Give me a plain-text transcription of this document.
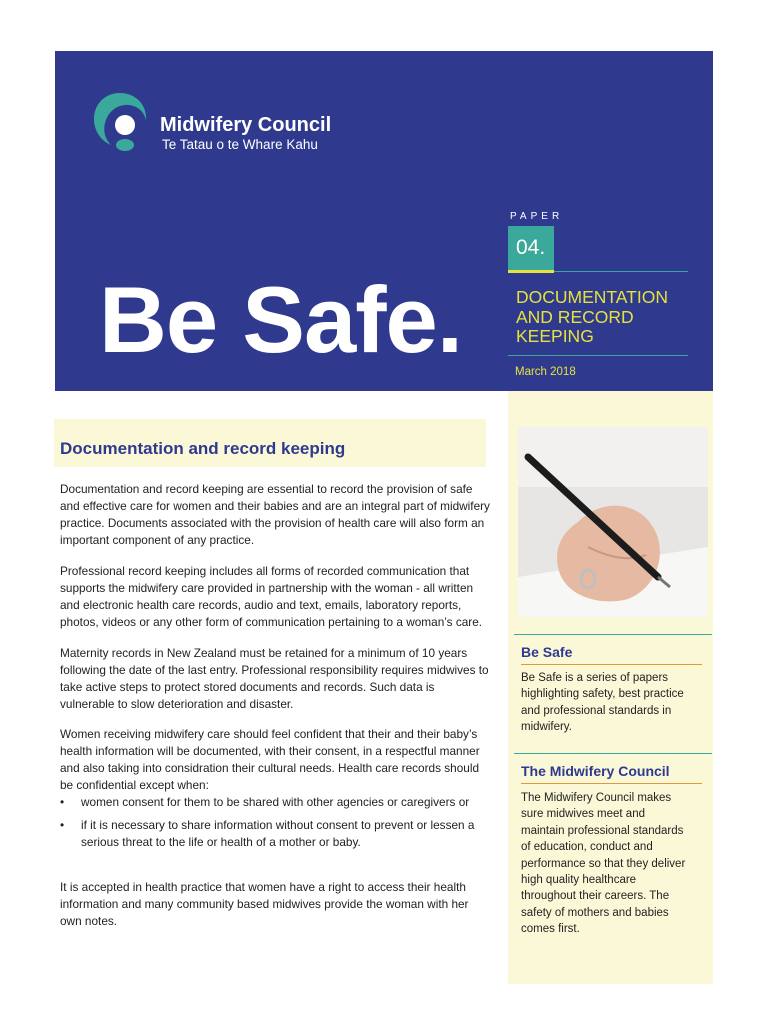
Midwifery Council
Te Tatau o te Whare Kahu
Be Safe.
PAPER
04.
DOCUMENTATION
AND RECORD
KEEPING
March 2018
Documentation and record keeping

Documentation and record keeping are essential to record the provision of safe and effective care for women and their babies and are an integral part of midwifery practice. Documents associated with the provision of health care will also form an important component of any practice.

Professional record keeping includes all forms of recorded communication that supports the midwifery care provided in partnership with the woman - all written and electronic health care records, audio and text, emails, laboratory reports, photos, videos or any other form of communication pertaining to a woman’s care.

Maternity records in New Zealand must be retained for a minimum of 10 years following the date of the last entry. Professional responsibility requires midwives to take active steps to protect stored documents and records. Such data is vulnerable to slow deterioration and disaster.

Women receiving midwifery care should feel confident that their and their baby’s health information will be documented, with their consent, in a respectful manner and also taking into considration their cultural needs. Health care records should be confidential except when:

• women consent for them to be shared with other agencies or caregivers or
• if it is necessary to share information without consent to prevent or lessen a serious threat to the life or health of a mother or baby.

It is accepted in health practice that women have a right to access their health information and many community based midwives provide the woman with her own notes.

Be Safe
Be Safe is a series of papers highlighting safety, best practice and professional standards in midwifery.
The Midwifery Council
The Midwifery Council makes sure midwives meet and maintain professional standards of education, conduct and performance so that they deliver high quality healthcare throughout their careers. The safety of mothers and babies comes first.
